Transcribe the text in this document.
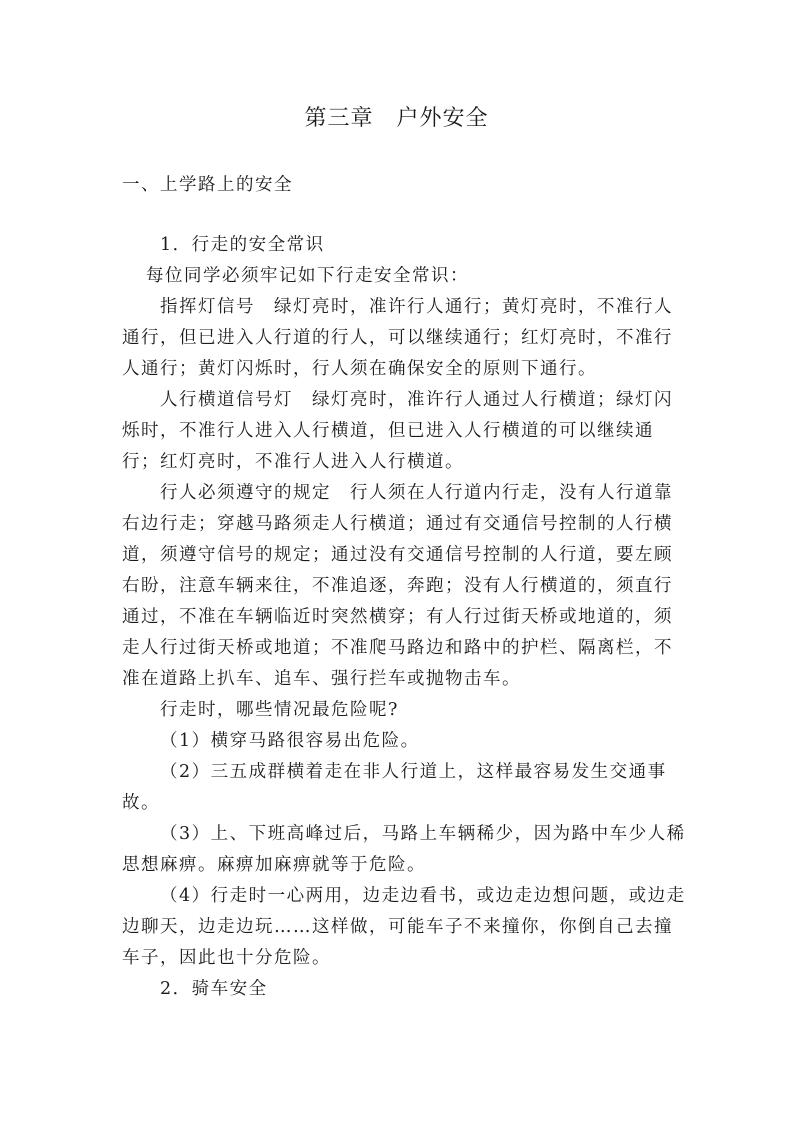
第三章　户外安全
一、上学路上的安全
1．行走的安全常识
每位同学必须牢记如下行走安全常识：
指挥灯信号　绿灯亮时，准许行人通行；黄灯亮时，不准行人
通行，但已进入人行道的行人，可以继续通行；红灯亮时，不准行
人通行；黄灯闪烁时，行人须在确保安全的原则下通行。
人行横道信号灯　绿灯亮时，准许行人通过人行横道；绿灯闪
烁时，不准行人进入人行横道，但已进入人行横道的可以继续通
行；红灯亮时，不准行人进入人行横道。
行人必须遵守的规定　行人须在人行道内行走，没有人行道靠
右边行走；穿越马路须走人行横道；通过有交通信号控制的人行横
道，须遵守信号的规定；通过没有交通信号控制的人行道，要左顾
右盼，注意车辆来往，不准追逐，奔跑；没有人行横道的，须直行
通过，不准在车辆临近时突然横穿；有人行过街天桥或地道的，须
走人行过街天桥或地道；不准爬马路边和路中的护栏、隔离栏，不
准在道路上扒车、追车、强行拦车或抛物击车。
行走时，哪些情况最危险呢?
（1）横穿马路很容易出危险。
（2）三五成群横着走在非人行道上，这样最容易发生交通事
故。
（3）上、下班高峰过后，马路上车辆稀少，因为路中车少人稀
思想麻痹。麻痹加麻痹就等于危险。
（4）行走时一心两用，边走边看书，或边走边想问题，或边走
边聊天，边走边玩……这样做，可能车子不来撞你，你倒自己去撞
车子，因此也十分危险。
2．骑车安全
